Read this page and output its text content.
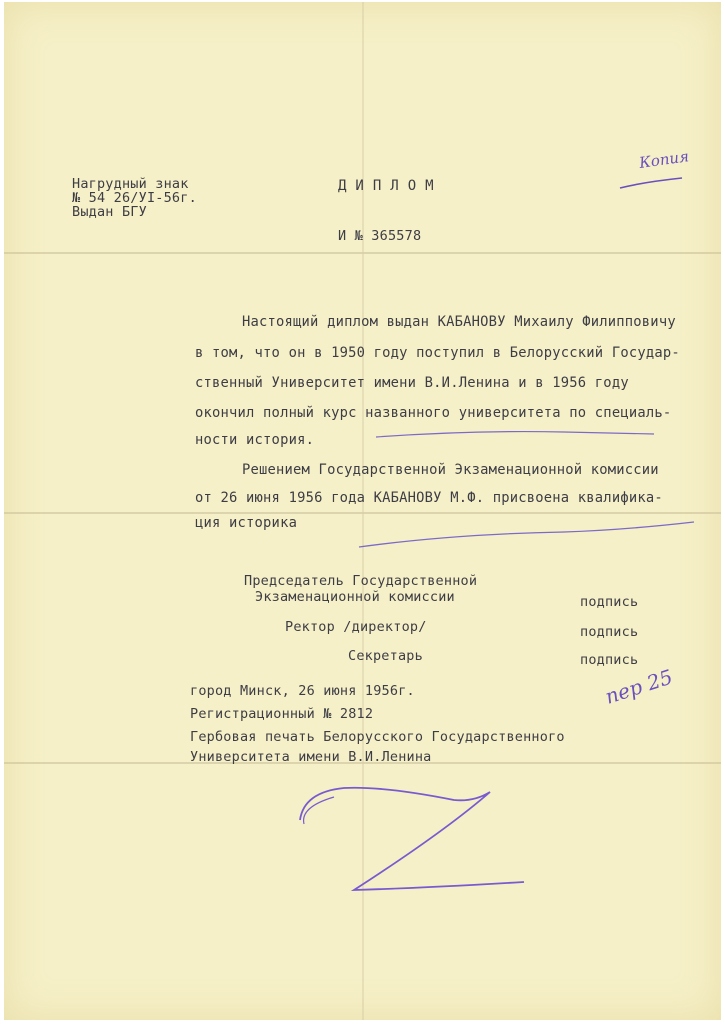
Нагрудный знак
№ 54 26/УI-56г.
Выдан БГУ
ДИПЛОМ
И № 365578
Настоящий диплом выдан КАБАНОВУ Михаилу Филипповичу
в том, что он в 1950 году поступил в Белорусский Государ-
ственный Университет имени В.И.Ленина и в 1956 году
окончил полный курс названного университета по специаль-
ности история.
Решением Государственной Экзаменационной комиссии
от 26 июня 1956 года КАБАНОВУ М.Ф. присвоена квалифика-
ция историка
Председатель Государственной
Экзаменационной комиссии	подпись
Ректор /директор/	подпись
Секретарь	подпись
город Минск, 26 июня 1956г.
Регистрационный № 2812
Гербовая печать Белорусского Государственного
Университета имени В.И.Ленина
Копия
пер 25
